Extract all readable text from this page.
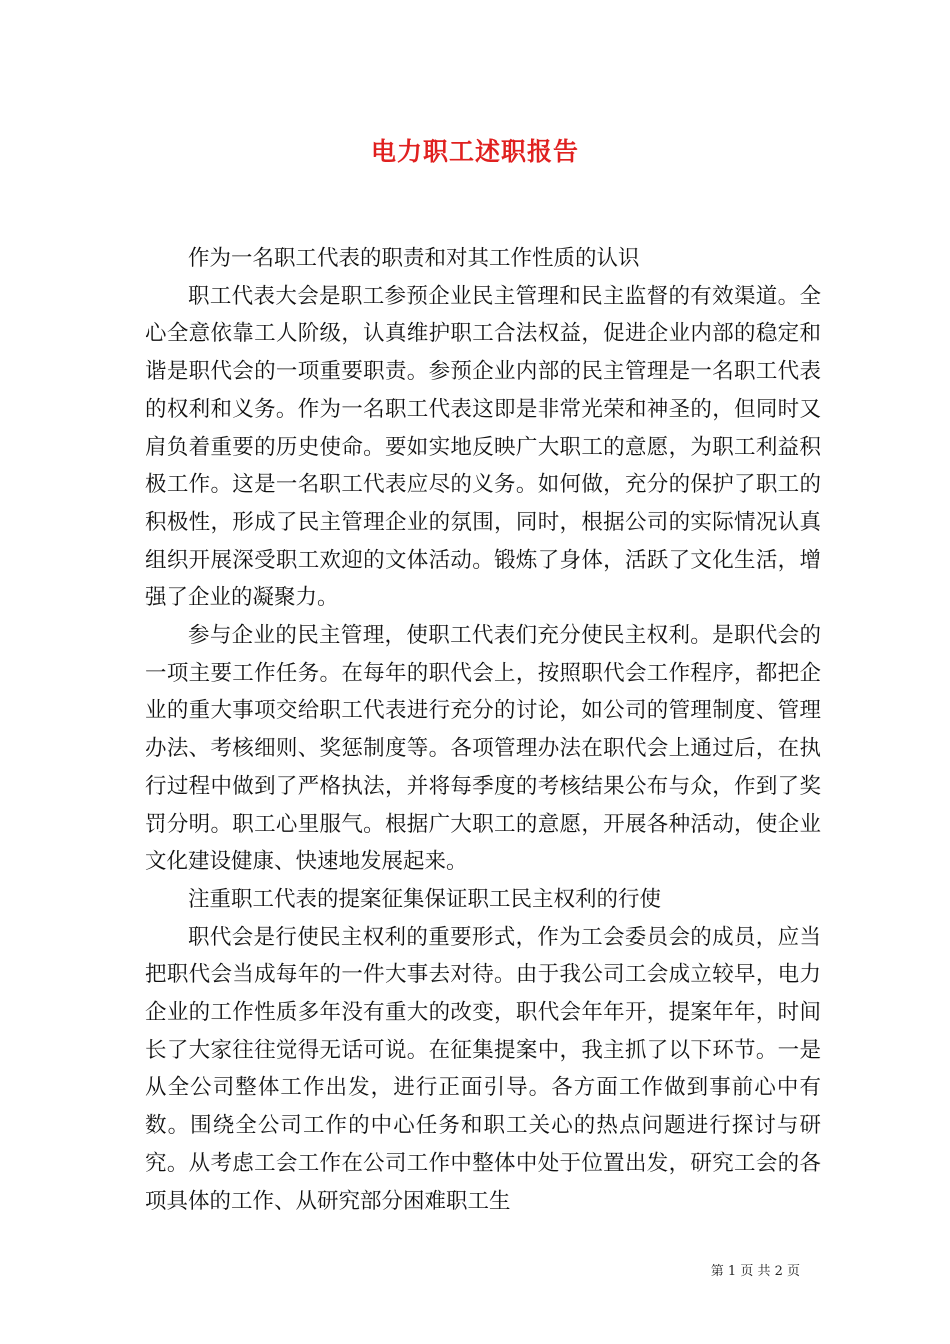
电力职工述职报告

作为一名职工代表的职责和对其工作性质的认识

职工代表大会是职工参预企业民主管理和民主监督的有效渠道。全心全意依靠工人阶级，认真维护职工合法权益，促进企业内部的稳定和谐是职代会的一项重要职责。参预企业内部的民主管理是一名职工代表的权利和义务。作为一名职工代表这即是非常光荣和神圣的，但同时又肩负着重要的历史使命。要如实地反映广大职工的意愿，为职工利益积极工作。这是一名职工代表应尽的义务。如何做，充分的保护了职工的积极性，形成了民主管理企业的氛围，同时，根据公司的实际情况认真组织开展深受职工欢迎的文体活动。锻炼了身体，活跃了文化生活，增强了企业的凝聚力。

参与企业的民主管理，使职工代表们充分使民主权利。是职代会的一项主要工作任务。在每年的职代会上，按照职代会工作程序，都把企业的重大事项交给职工代表进行充分的讨论，如公司的管理制度、管理办法、考核细则、奖惩制度等。各项管理办法在职代会上通过后，在执行过程中做到了严格执法，并将每季度的考核结果公布与众，作到了奖罚分明。职工心里服气。根据广大职工的意愿，开展各种活动，使企业文化建设健康、快速地发展起来。

注重职工代表的提案征集保证职工民主权利的行使

职代会是行使民主权利的重要形式，作为工会委员会的成员，应当把职代会当成每年的一件大事去对待。由于我公司工会成立较早，电力企业的工作性质多年没有重大的改变，职代会年年开，提案年年，时间长了大家往往觉得无话可说。在征集提案中，我主抓了以下环节。一是从全公司整体工作出发，进行正面引导。各方面工作做到事前心中有数。围绕全公司工作的中心任务和职工关心的热点问题进行探讨与研究。从考虑工会工作在公司工作中整体中处于位置出发，研究工会的各项具体的工作、从研究部分困难职工生

第 1 页 共 2 页
